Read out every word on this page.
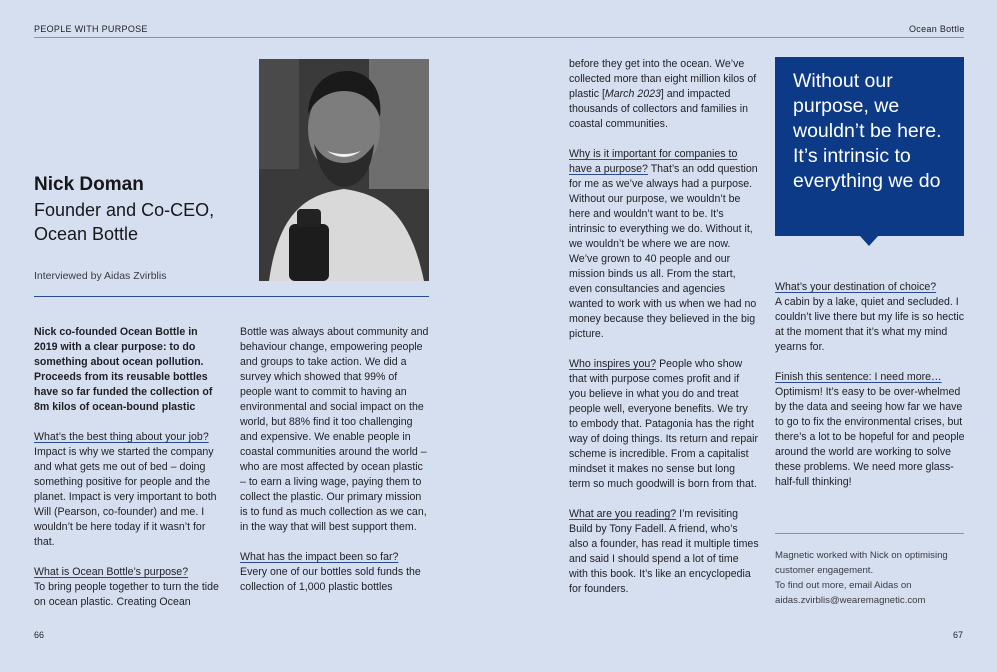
PEOPLE WITH PURPOSE	Ocean Bottle
Nick Doman
Founder and Co-CEO,
Ocean Bottle
Interviewed by Aidas Zvirblis

Nick co-founded Ocean Bottle in 2019 with a clear purpose: to do something about ocean pollution. Proceeds from its reusable bottles have so far funded the collection of 8m kilos of ocean-bound plastic

What’s the best thing about your job? Impact is why we started the company and what gets me out of bed – doing something positive for people and the planet. Impact is very important to both Will (Pearson, co-founder) and me. I wouldn’t be here today if it wasn’t for that.

What is Ocean Bottle’s purpose?
To bring people together to turn the tide on ocean plastic. Creating Ocean

Bottle was always about community and behaviour change, empowering people and groups to take action. We did a survey which showed that 99% of people want to commit to having an environmental and social impact on the world, but 88% find it too challenging and expensive. We enable people in coastal communities around the world – who are most affected by ocean plastic – to earn a living wage, paying them to collect the plastic. Our primary mission is to fund as much collection as we can, in the way that will best support them.

What has the impact been so far?
Every one of our bottles sold funds the collection of 1,000 plastic bottles

before they get into the ocean. We’ve collected more than eight million kilos of plastic [March 2023] and impacted thousands of collectors and families in coastal communities.

Why is it important for companies to have a purpose? That’s an odd question for me as we’ve always had a purpose. Without our purpose, we wouldn’t be here and wouldn’t want to be. It’s intrinsic to everything we do. Without it, we wouldn’t be where we are now. We’ve grown to 40 people and our mission binds us all. From the start, even consultancies and agencies wanted to work with us when we had no money because they believed in the big picture.

Who inspires you? People who show that with purpose comes profit and if you believe in what you do and treat people well, everyone benefits. We try to embody that. Patagonia has the right way of doing things. Its return and repair scheme is incredible. From a capitalist mindset it makes no sense but long term so much goodwill is born from that.

What are you reading? I’m revisiting Build by Tony Fadell. A friend, who’s also a founder, has read it multiple times and said I should spend a lot of time with this book. It’s like an encyclopedia for founders.

Without our purpose, we wouldn’t be here. It’s intrinsic to everything we do

What’s your destination of choice?
A cabin by a lake, quiet and secluded. I couldn’t live there but my life is so hectic at the moment that it’s what my mind yearns for.

Finish this sentence: I need more…
Optimism! It’s easy to be over-whelmed by the data and seeing how far we have to go to fix the environmental crises, but there’s a lot to be hopeful for and people around the world are working to solve these problems. We need more glass-half-full thinking!

Magnetic worked with Nick on optimising customer engagement.
To find out more, email Aidas on aidas.zvirblis@wearemagnetic.com
66	67
